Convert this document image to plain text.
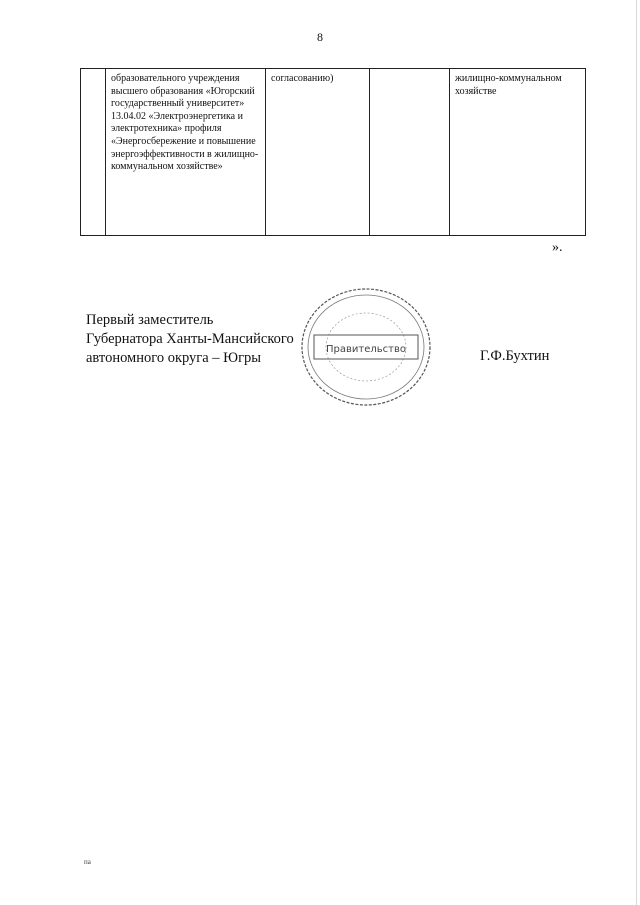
8
	образовательного учреждения высшего образования «Югорский государственный университет» 13.04.02 «Электроэнергетика и электротехника» профиля «Энергосбережение и повышение энергоэффективности в жилищно-коммунальном хозяйстве»	согласованию)		жилищно-коммунальном хозяйстве
».
Первый заместитель
Губернатора Ханты-Мансийского
автономного округа – Югры
Правительство	Г.Ф.Бухтин
па
